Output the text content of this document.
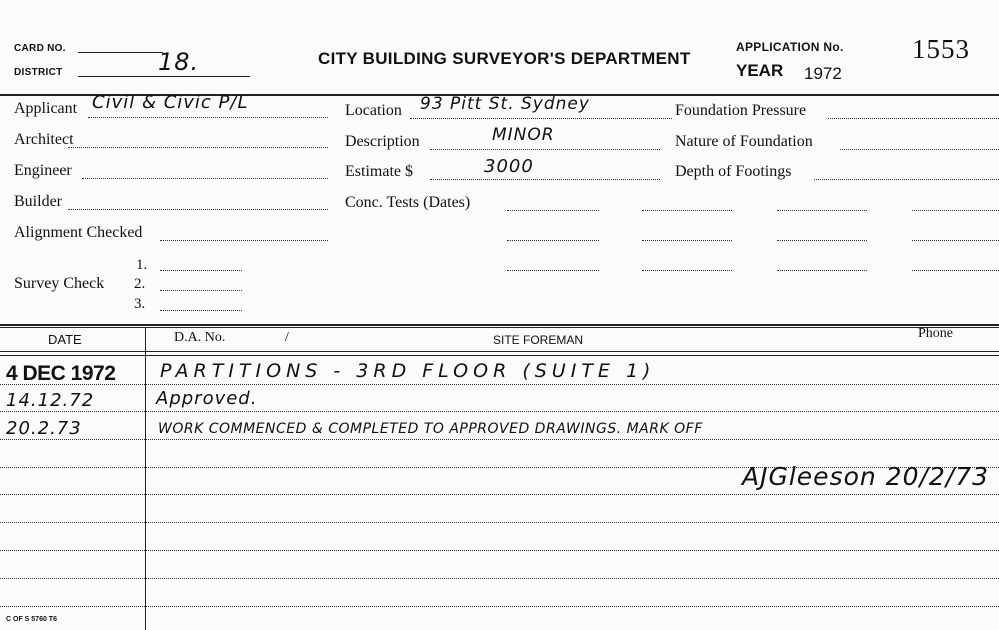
CARD NO.
DISTRICT	18.	CITY BUILDING SURVEYOR'S DEPARTMENT
APPLICATION No.	1553
YEAR 1972
Applicant Civil & Civic P/L
Architect
Engineer
Builder
Alignment Checked
Survey Check
1.
2.
3.
Location 93 Pitt St. Sydney
Description	MINOR
Estimate $	3000
Conc. Tests (Dates)
Foundation Pressure
Nature of Foundation
Depth of Footings
DATE	D.A. No.	/	SITE FOREMAN	Phone
4 DEC 1972 PARTITIONS - 3RD FLOOR (SUITE 1)
14.12.72	Approved.
20.2.73	WORK COMMENCED & COMPLETED TO APPROVED DRAWINGS. MARK OFF
AJGleeson 20/2/73
C OF S 5760 T6
